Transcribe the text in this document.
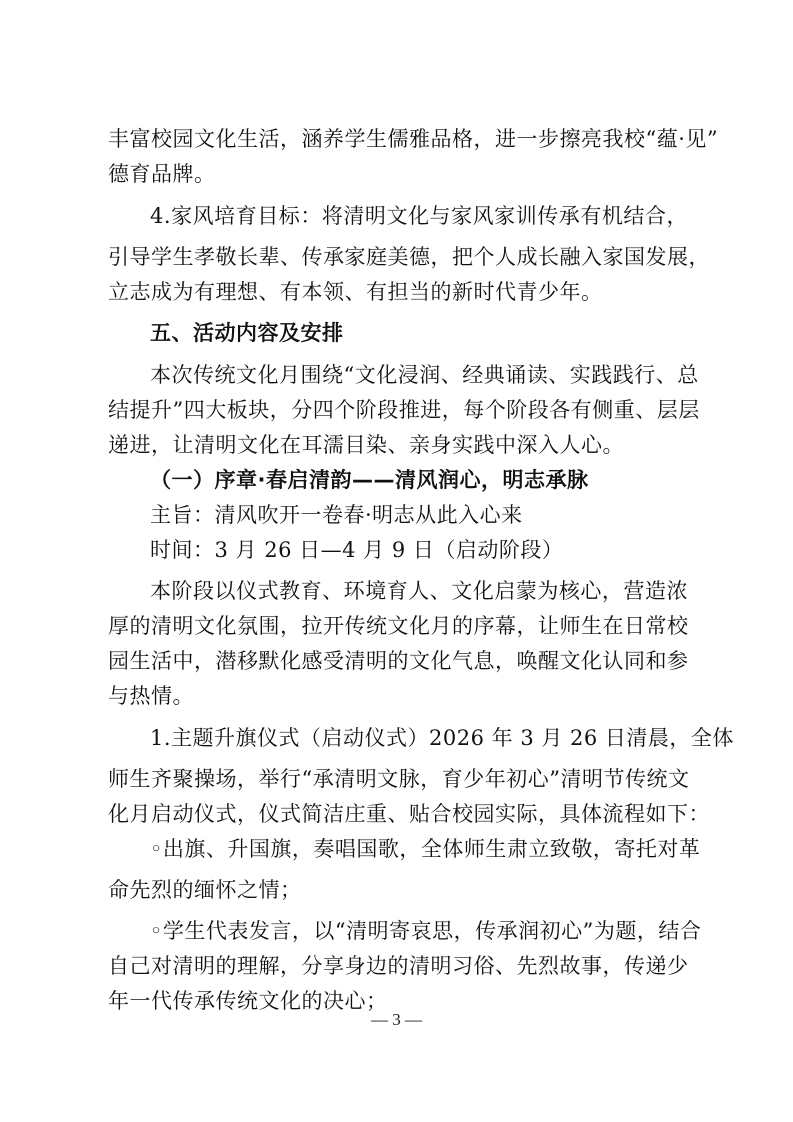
丰富校园文化生活，涵养学生儒雅品格，进一步擦亮我校“蕴·见”
德育品牌。
4.家风培育目标：将清明文化与家风家训传承有机结合，
引导学生孝敬长辈、传承家庭美德，把个人成长融入家国发展，
立志成为有理想、有本领、有担当的新时代青少年。
五、活动内容及安排
本次传统文化月围绕“文化浸润、经典诵读、实践践行、总
结提升”四大板块，分四个阶段推进，每个阶段各有侧重、层层
递进，让清明文化在耳濡目染、亲身实践中深入人心。
（一）序章·春启清韵——清风润心，明志承脉
主旨：清风吹开一卷春·明志从此入心来
时间：3 月 26 日—4 月 9 日（启动阶段）
本阶段以仪式教育、环境育人、文化启蒙为核心，营造浓
厚的清明文化氛围，拉开传统文化月的序幕，让师生在日常校
园生活中，潜移默化感受清明的文化气息，唤醒文化认同和参
与热情。
1.主题升旗仪式（启动仪式）2026 年 3 月 26 日清晨，全体
师生齐聚操场，举行“承清明文脉，育少年初心”清明节传统文
化月启动仪式，仪式简洁庄重、贴合校园实际，具体流程如下：
◦出旗、升国旗，奏唱国歌，全体师生肃立致敬，寄托对革
命先烈的缅怀之情；
◦学生代表发言，以“清明寄哀思，传承润初心”为题，结合
自己对清明的理解，分享身边的清明习俗、先烈故事，传递少
年一代传承传统文化的决心；
— 3 —
